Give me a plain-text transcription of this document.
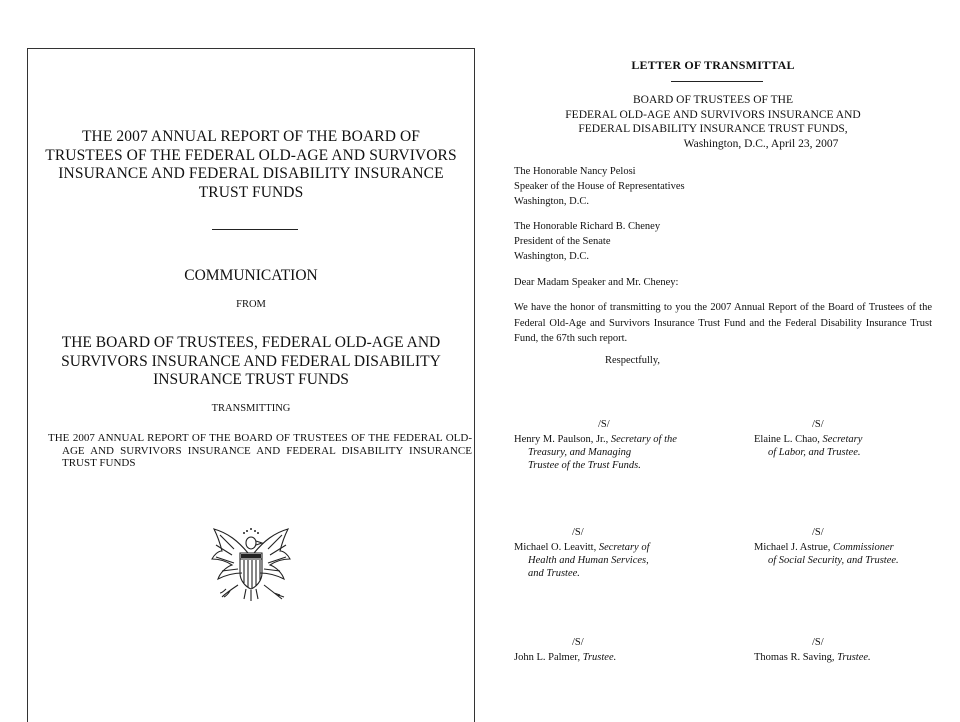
THE 2007 ANNUAL REPORT OF THE BOARD OF
TRUSTEES OF THE FEDERAL OLD-AGE AND SURVIVORS
INSURANCE AND FEDERAL DISABILITY INSURANCE
TRUST FUNDS
COMMUNICATION
FROM
THE BOARD OF TRUSTEES, FEDERAL OLD-AGE AND
SURVIVORS INSURANCE AND FEDERAL DISABILITY
INSURANCE TRUST FUNDS
TRANSMITTING
THE 2007 ANNUAL REPORT OF THE BOARD OF TRUSTEES OF THE FEDERAL OLD-AGE AND SURVIVORS INSURANCE AND FEDERAL DISABILITY INSURANCE TRUST FUNDS
LETTER OF TRANSMITTAL
BOARD OF TRUSTEES OF THE
FEDERAL OLD-AGE AND SURVIVORS INSURANCE AND
FEDERAL DISABILITY INSURANCE TRUST FUNDS,
Washington, D.C., April 23, 2007
The Honorable Nancy Pelosi
Speaker of the House of Representatives
Washington, D.C.
The Honorable Richard B. Cheney
President of the Senate
Washington, D.C.
Dear Madam Speaker and Mr. Cheney:
We have the honor of transmitting to you the 2007 Annual Report of the Board of Trustees of the Federal Old-Age and Survivors Insurance Trust Fund and the Federal Disability Insurance Trust Fund, the 67th such report.
Respectfully,
/S/
Henry M. Paulson, Jr., Secretary of the
Treasury, and Managing
Trustee of the Trust Funds.
/S/
Elaine L. Chao, Secretary
of Labor, and Trustee.
/S/
Michael O. Leavitt, Secretary of
Health and Human Services,
and Trustee.
/S/
Michael J. Astrue, Commissioner
of Social Security, and Trustee.
/S/
John L. Palmer, Trustee.
/S/
Thomas R. Saving, Trustee.
